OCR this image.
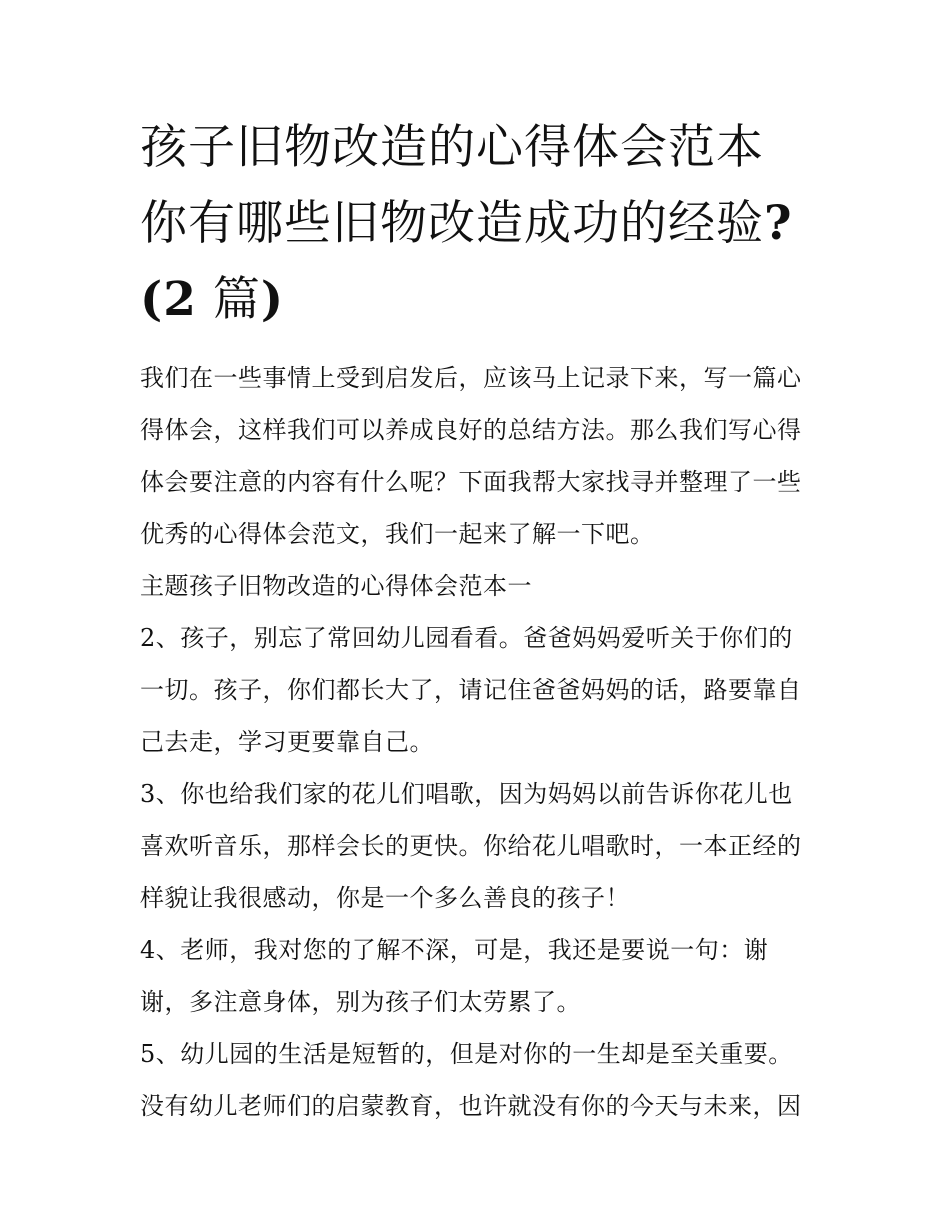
孩子旧物改造的心得体会范本
你有哪些旧物改造成功的经验?
(2 篇)

我们在一些事情上受到启发后，应该马上记录下来，写一篇心
得体会，这样我们可以养成良好的总结方法。那么我们写心得
体会要注意的内容有什么呢？下面我帮大家找寻并整理了一些
优秀的心得体会范文，我们一起来了解一下吧。

主题孩子旧物改造的心得体会范本一

2、孩子，别忘了常回幼儿园看看。爸爸妈妈爱听关于你们的
一切。孩子，你们都长大了，请记住爸爸妈妈的话，路要靠自
己去走，学习更要靠自己。

3、你也给我们家的花儿们唱歌，因为妈妈以前告诉你花儿也
喜欢听音乐，那样会长的更快。你给花儿唱歌时，一本正经的
样貌让我很感动，你是一个多么善良的孩子！

4、老师，我对您的了解不深，可是，我还是要说一句：谢
谢，多注意身体，别为孩子们太劳累了。

5、幼儿园的生活是短暂的，但是对你的一生却是至关重要。
没有幼儿老师们的启蒙教育，也许就没有你的今天与未来，因
